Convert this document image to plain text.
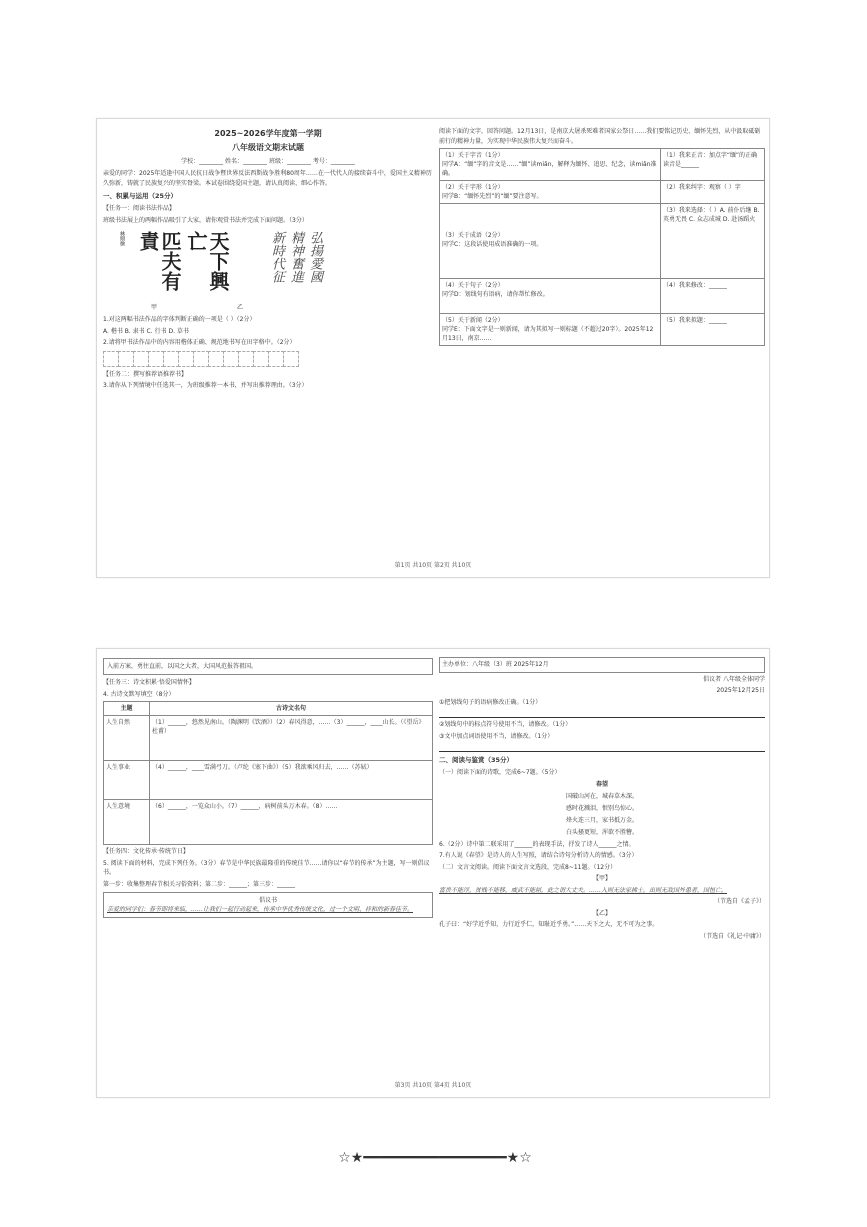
2025~2026学年度第一学期
八年级语文期末试题
学校：________ 姓名：________ 班级：________ 考号：________
亲爱的同学：2025年适逢中国人民抗日战争暨世界反法西斯战争胜利80周年……在一代代人的接续奋斗中，爱国主义精神历久弥新，铸就了民族复兴的坚实脊梁。本试卷围绕爱国主题，请认真阅读、细心作答。
一、积累与运用（25分）
【任务一：阅读书法作品】
班级书法展上的两幅作品吸引了大家，请你观赏书法并完成下面问题。（3分）
林则徐	匹夫有責	天下興亡	新時代征 精神奮進 弘揚愛國
甲	乙
1.对这两幅书法作品的字体判断正确的一项是（ ）（2分）
A. 楷书 B. 隶书 C. 行书 D. 草书
2.请将甲书法作品中的内容用楷体正确、规范地书写在田字格中。（2分）
【任务二：撰写推荐语推荐书】
3.请你从下列情境中任选其一，为班级推荐一本书，并写出推荐理由。（3分）
阅读下面的文字，回答问题。12月13日，是南京大屠杀死难者国家公祭日……我们要铭记历史、缅怀先烈，从中汲取砥砺前行的精神力量，为实现中华民族伟大复兴而奋斗。
（1）关于字音（1分）
同学A：“缅”字的音文是……“缅”读miǎn，解释为缅怀、追思、纪念，读miǎn准确。	（1）我来正音：加点字“缅”的正确读音是______

（2）关于字形（1分）
同学B：“缅怀先烈”的“缅”要注意写。	（2）我来纠字：观察（ ）字

（3）关于成语（2分）
同学C：这段话使用成语准确的一项。	（3）我来选择：（ ）A. 前仆后继 B. 英勇无畏 C. 众志成城 D. 赴汤蹈火

（4）关于句子（2分）
同学D：划线句有语病，请你帮忙修改。	（4）我来修改：______

（5）关于新闻（2分）
同学E：下面文字是一则新闻，请为其拟写一则标题（不超过20字）。2025年12月13日，南京……	（5）我来拟题：______
第1页 共10页 第2页 共10页
入前方案，勇往直前，以国之大者，大国风范报答祖国。
【任务三：诗文积累·悟爱国情怀】
4. 古诗文默写填空（8分）
主题	古诗文名句
人生自然	（1）______，悠然见南山。（陶渊明《饮酒》）（2）春风得意，……（3）______，____山长。（《望岳》杜甫）
人生事业	（4）______，____雪满弓刀。（卢纶《塞下曲》）（5）我欲乘风归去，……（苏轼）
人生意境	（6）______，一览众山小。（7）______，病树前头万木春。（8）……
【任务四：文化传承·传统节日】
5. 阅读下面的材料，完成下列任务。（3分）春节是中华民族最隆重的传统佳节……请你以“春节的传承”为主题，写一则倡议书。
第一步：收集整理春节相关习俗资料；第二步：______；第三步：______
倡议书
亲爱的同学们：春节即将来临，……让我们一起行动起来，传承中华优秀传统文化，过一个文明、祥和的新春佳节。
主办单位：八年级（3）班 2025年12月
倡议者 八年级全体同学
2025年12月25日
①把划线句子的语病修改正确。（1分）
②划线句中的标点符号使用不当，请修改。（1分）
③文中加点词语使用不当，请修改。（1分）
二、阅读与鉴赏（35分）
（一）阅读下面的诗歌，完成6~7题。（5分）
春望
国破山河在，城春草木深。
感时花溅泪，恨别鸟惊心。
烽火连三月，家书抵万金。
白头搔更短，浑欲不胜簪。
6.（2分）诗中第二联采用了______的表现手法，抒发了诗人______之情。
7.有人说《春望》是诗人的人生写照，请结合诗句分析诗人的情感。（3分）
（二）文言文阅读。阅读下面文言文选段，完成8~11题。（12分）
【甲】
富贵不能淫，贫贱不能移，威武不能屈，此之谓大丈夫。……入则无法家拂士，出则无敌国外患者，国恒亡。
（节选自《孟子》）
【乙】
孔子曰：“好学近乎知，力行近乎仁，知耻近乎勇。”……天下之大，无不可为之事。
（节选自《礼记·中庸》）
第3页 共10页 第4页 共10页
☆★━━━━━━━━━━━━━━━━━★☆
